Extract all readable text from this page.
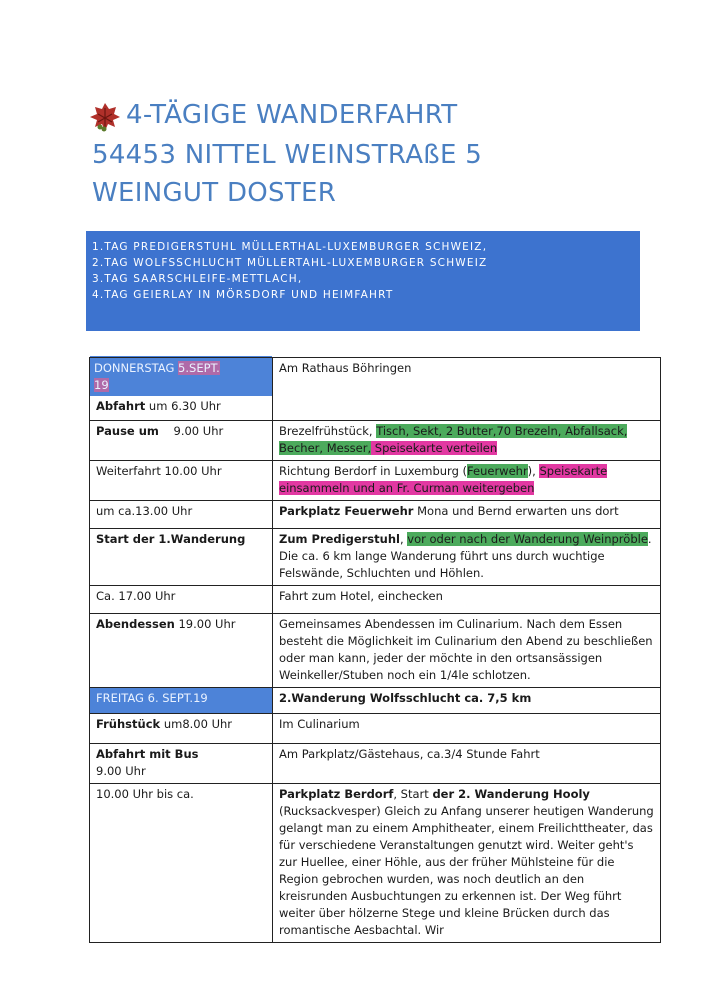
4-TÄGIGE WANDERFAHRT
54453 NITTEL WEINSTRAßE 5
WEINGUT DOSTER
1.TAG PREDIGERSTUHL MÜLLERTHAL-LUXEMBURGER SCHWEIZ,
2.TAG WOLFSSCHLUCHT MÜLLERTAHL-LUXEMBURGER SCHWEIZ
3.TAG SAARSCHLEIFE-METTLACH,
4.TAG GEIERLAY IN MÖRSDORF UND HEIMFAHRT
DONNERSTAG 5.SEPT.
19
Abfahrt um 6.30 Uhr	Am Rathaus Böhringen
Pause um    9.00 Uhr	Brezelfrühstück, Tisch, Sekt, 2 Butter,70 Brezeln, Abfallsack, Becher, Messer, Speisekarte verteilen
Weiterfahrt 10.00 Uhr	Richtung Berdorf in Luxemburg (Feuerwehr), Speisekarte einsammeln und an Fr. Curman weitergeben
um ca.13.00 Uhr	Parkplatz Feuerwehr Mona und Bernd erwarten uns dort
Start der 1.Wanderung	Zum Predigerstuhl, vor oder nach der Wanderung Weinpröble. Die ca. 6 km lange Wanderung führt uns durch wuchtige Felswände, Schluchten und Höhlen.
Ca. 17.00 Uhr	Fahrt zum Hotel, einchecken
Abendessen 19.00 Uhr	Gemeinsames Abendessen im Culinarium. Nach dem Essen besteht die Möglichkeit im Culinarium den Abend zu beschließen oder man kann, jeder der möchte in den ortsansässigen Weinkeller/Stuben noch ein 1/4le schlotzen.
FREITAG 6. SEPT.19	2.Wanderung Wolfsschlucht ca. 7,5 km
Frühstück um8.00 Uhr	Im Culinarium
Abfahrt mit Bus
9.00 Uhr	Am Parkplatz/Gästehaus, ca.3/4 Stunde Fahrt
10.00 Uhr bis ca.	Parkplatz Berdorf, Start der 2. Wanderung Hooly (Rucksackvesper) Gleich zu Anfang unserer heutigen Wanderung gelangt man zu einem Amphitheater, einem Freilichttheater, das für verschiedene Veranstaltungen genutzt wird. Weiter geht's zur Huellee, einer Höhle, aus der früher Mühlsteine für die Region gebrochen wurden, was noch deutlich an den kreisrunden Ausbuchtungen zu erkennen ist. Der Weg führt weiter über hölzerne Stege und kleine Brücken durch das romantische Aesbachtal. Wir
